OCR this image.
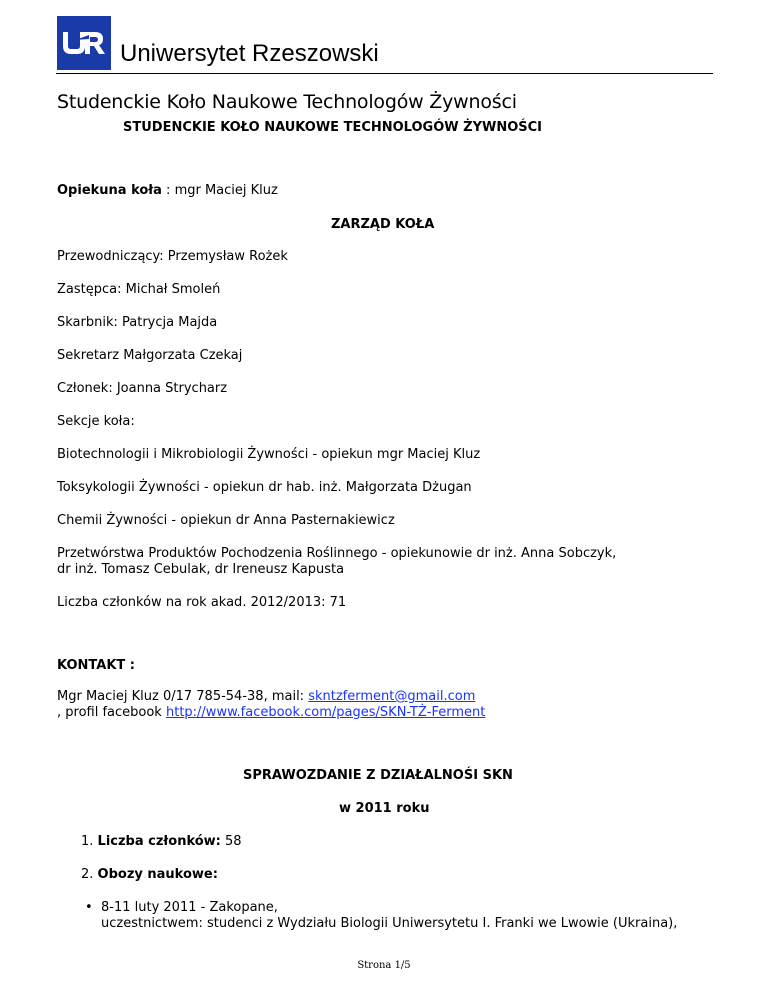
Uniwersytet Rzeszowski
Studenckie Koło Naukowe Technologów Żywności
STUDENCKIE KOŁO NAUKOWE TECHNOLOGÓW ŻYWNOŚCI
Opiekuna koła : mgr Maciej Kluz
ZARZĄD KOŁA
Przewodniczący: Przemysław Rożek
Zastępca: Michał Smoleń
Skarbnik: Patrycja Majda
Sekretarz Małgorzata Czekaj
Członek: Joanna Strycharz
Sekcje koła:
Biotechnologii i Mikrobiologii Żywności - opiekun mgr Maciej Kluz
Toksykologii Żywności - opiekun dr hab. inż. Małgorzata Dżugan
Chemii Żywności - opiekun dr Anna Pasternakiewicz
Przetwórstwa Produktów Pochodzenia Roślinnego - opiekunowie dr inż. Anna Sobczyk,
dr inż. Tomasz Cebulak, dr Ireneusz Kapusta
Liczba członków na rok akad. 2012/2013: 71
KONTAKT :
Mgr Maciej Kluz 0/17 785-54-38, mail: skntzferment@gmail.com
, profil facebook http://www.facebook.com/pages/SKN-TŻ-Ferment
SPRAWOZDANIE Z DZIAŁALNOŚI SKN
w 2011 roku
1. Liczba członków: 58
2. Obozy naukowe:
• 8-11 luty 2011 - Zakopane,
uczestnictwem: studenci z Wydziału Biologii Uniwersytetu I. Franki we Lwowie (Ukraina),
Strona 1/5
